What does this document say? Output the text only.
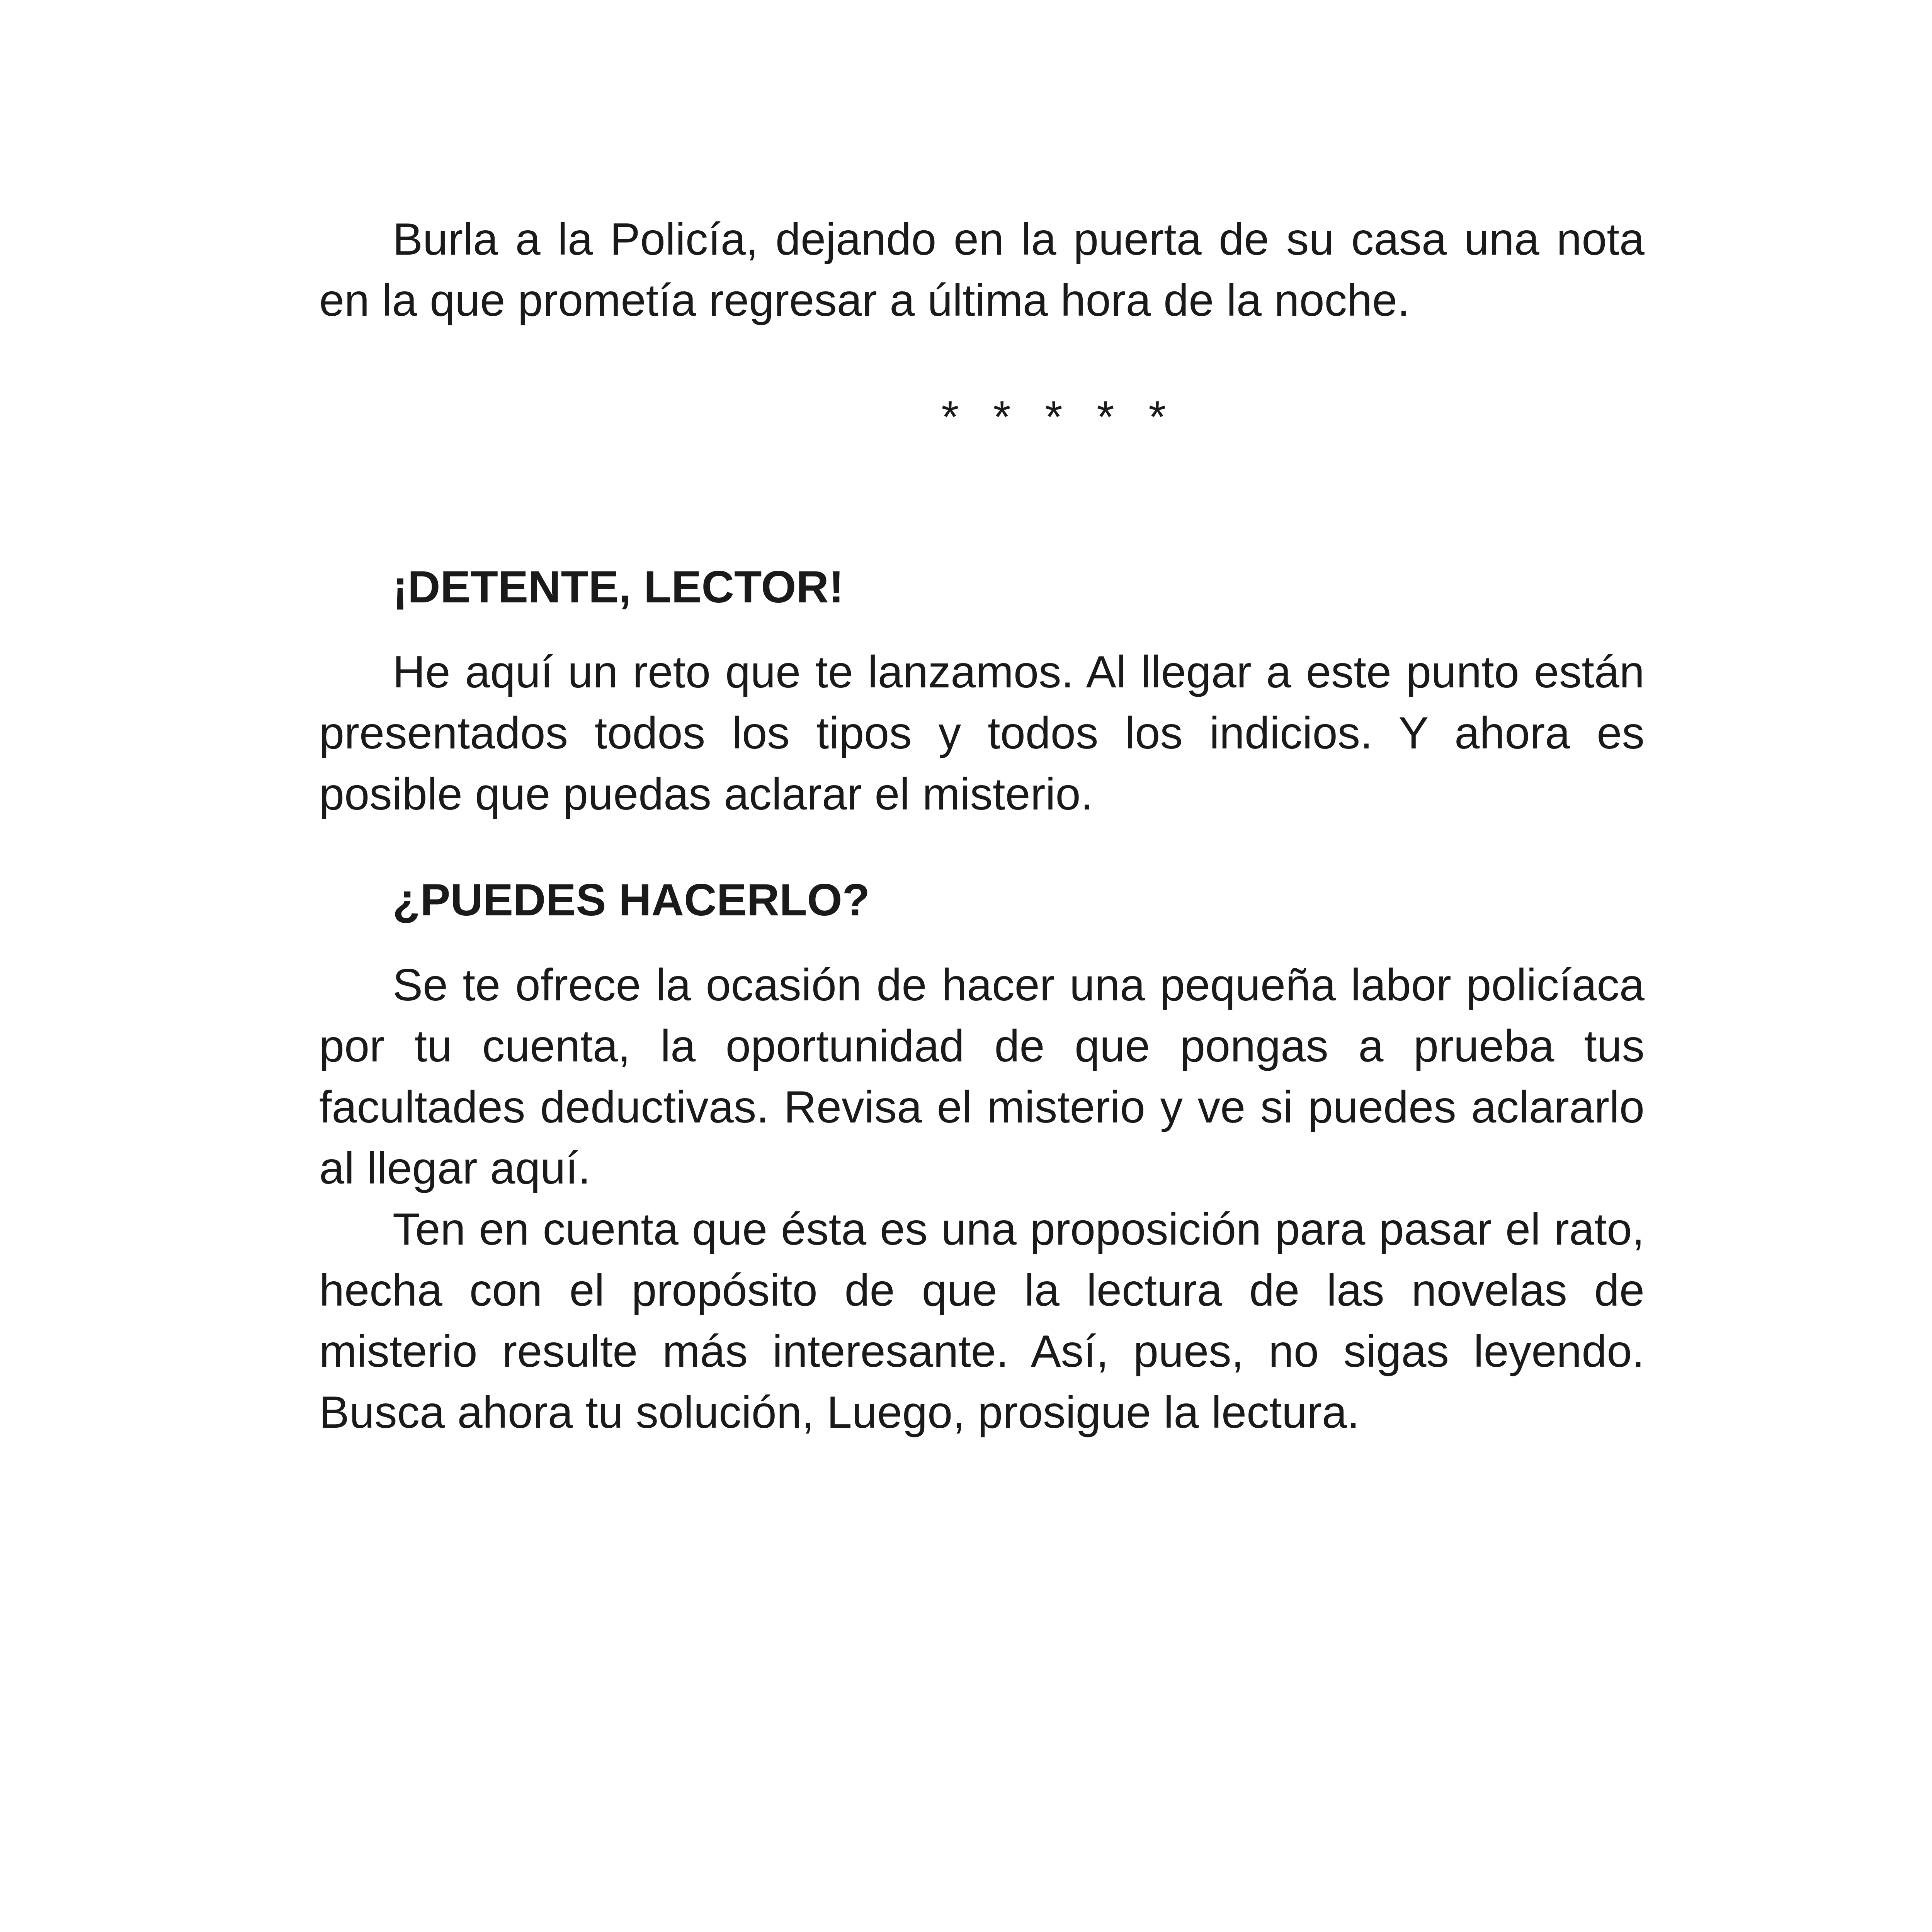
Burla a la Policía, dejando en la puerta de su casa una nota en la que prometía regresar a última hora de la noche.

* * * * *
¡DETENTE, LECTOR!

He aquí un reto que te lanzamos. Al llegar a este punto están presentados todos los tipos y todos los indicios. Y ahora es posible que puedas aclarar el misterio.

¿PUEDES HACERLO?

Se te ofrece la ocasión de hacer una pequeña labor policíaca por tu cuenta, la oportunidad de que pongas a prueba tus facultades deductivas. Revisa el misterio y ve si puedes aclararlo al llegar aquí.

Ten en cuenta que ésta es una proposición para pasar el rato, hecha con el propósito de que la lectura de las novelas de misterio resulte más interesante. Así, pues, no sigas leyendo. Busca ahora tu solución, Luego, prosigue la lectura.
